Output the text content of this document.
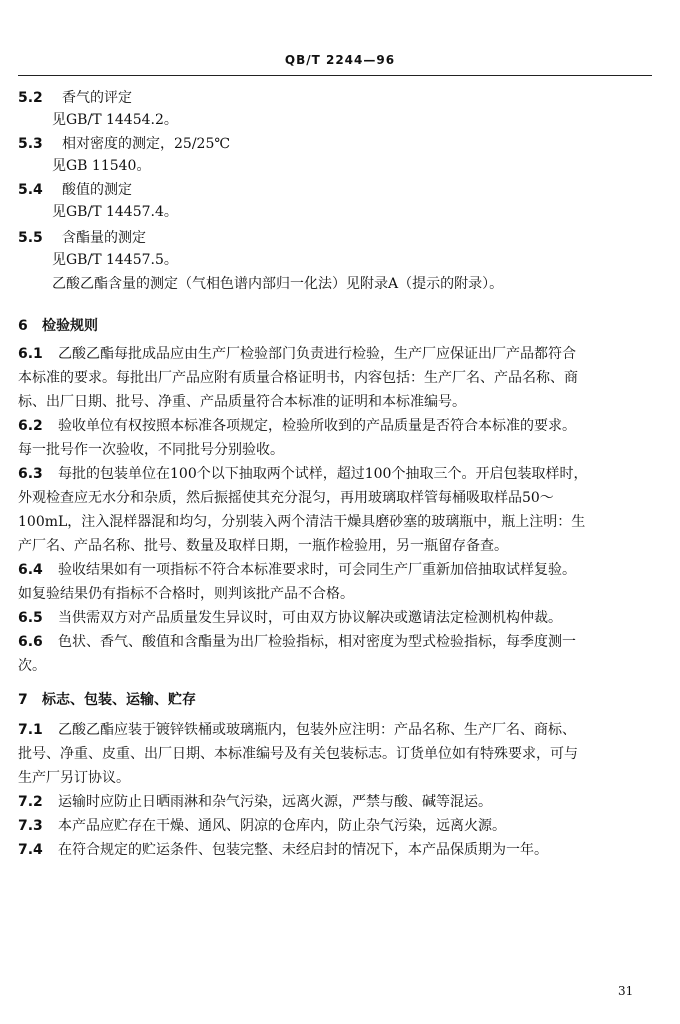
QB/T 2244—96
5.2 香气的评定
见GB/T 14454.2。
5.3 相对密度的测定，25/25℃
见GB 11540。
5.4 酸值的测定
见GB/T 14457.4。
5.5 含酯量的测定
见GB/T 14457.5。
乙酸乙酯含量的测定（气相色谱内部归一化法）见附录A（提示的附录）。
6 检验规则
6.1 乙酸乙酯每批成品应由生产厂检验部门负责进行检验，生产厂应保证出厂产品都符合
本标准的要求。每批出厂产品应附有质量合格证明书，内容包括：生产厂名、产品名称、商
标、出厂日期、批号、净重、产品质量符合本标准的证明和本标准编号。
6.2 验收单位有权按照本标准各项规定，检验所收到的产品质量是否符合本标准的要求。
每一批号作一次验收，不同批号分别验收。
6.3 每批的包装单位在100个以下抽取两个试样，超过100个抽取三个。开启包装取样时，
外观检查应无水分和杂质，然后振摇使其充分混匀，再用玻璃取样管每桶吸取样品50～
100mL，注入混样器混和均匀，分别装入两个清洁干燥具磨砂塞的玻璃瓶中，瓶上注明：生
产厂名、产品名称、批号、数量及取样日期，一瓶作检验用，另一瓶留存备查。
6.4 验收结果如有一项指标不符合本标准要求时，可会同生产厂重新加倍抽取试样复验。
如复验结果仍有指标不合格时，则判该批产品不合格。
6.5 当供需双方对产品质量发生异议时，可由双方协议解决或邀请法定检测机构仲裁。
6.6 色状、香气、酸值和含酯量为出厂检验指标，相对密度为型式检验指标，每季度测一
次。
7 标志、包装、运输、贮存
7.1 乙酸乙酯应装于镀锌铁桶或玻璃瓶内，包装外应注明：产品名称、生产厂名、商标、
批号、净重、皮重、出厂日期、本标准编号及有关包装标志。订货单位如有特殊要求，可与
生产厂另订协议。
7.2 运输时应防止日晒雨淋和杂气污染，远离火源，严禁与酸、碱等混运。
7.3 本产品应贮存在干燥、通风、阴凉的仓库内，防止杂气污染，远离火源。
7.4 在符合规定的贮运条件、包装完整、未经启封的情况下，本产品保质期为一年。
31
